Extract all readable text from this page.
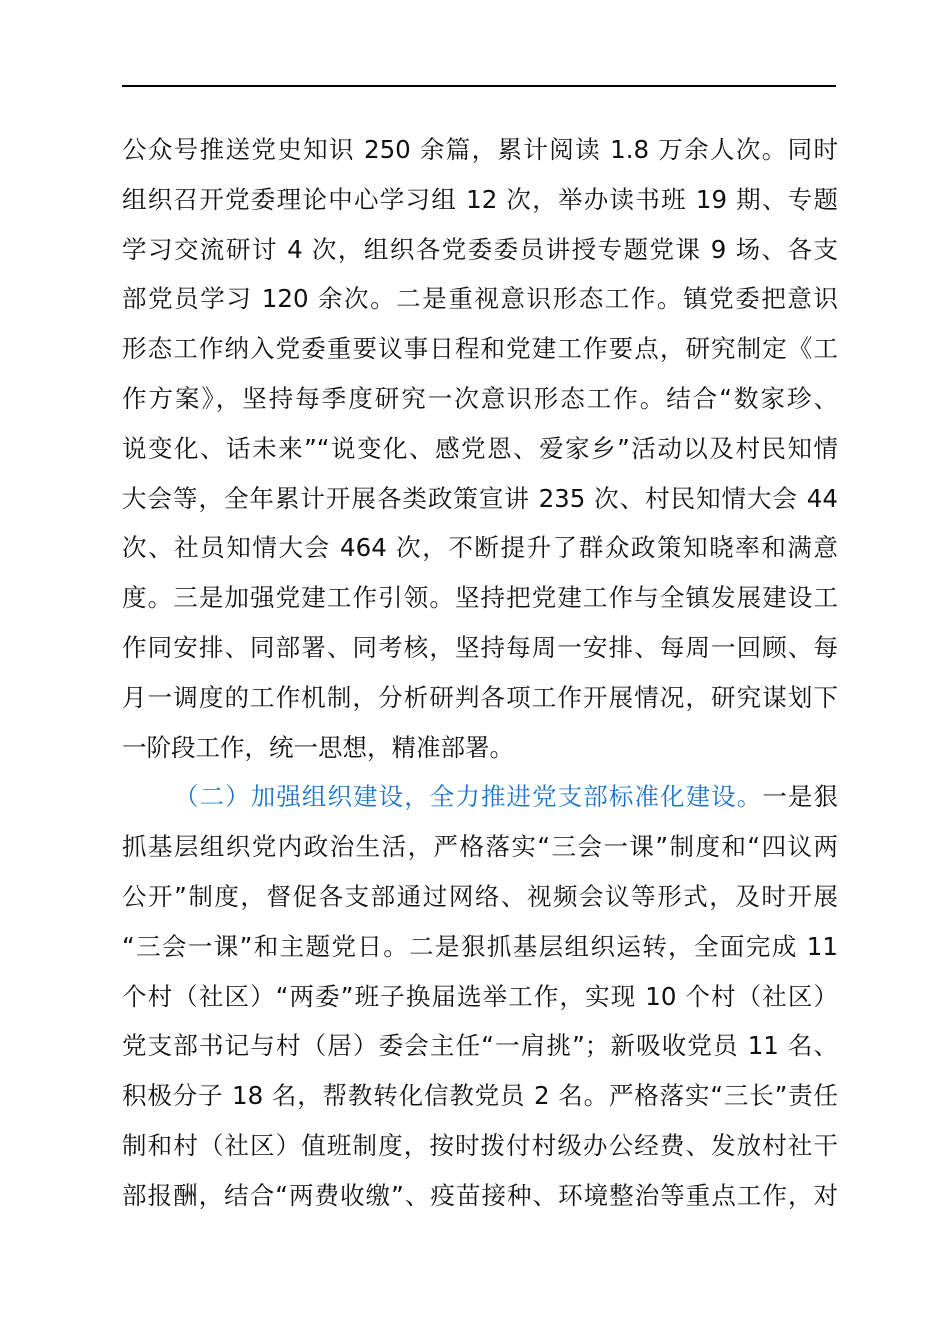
公众号推送党史知识 250 余篇，累计阅读 1.8 万余人次。同时
组织召开党委理论中心学习组 12 次，举办读书班 19 期、专题
学习交流研讨 4 次，组织各党委委员讲授专题党课 9 场、各支
部党员学习 120 余次。二是重视意识形态工作。镇党委把意识
形态工作纳入党委重要议事日程和党建工作要点，研究制定《工
作方案》，坚持每季度研究一次意识形态工作。结合“数家珍、
说变化、话未来”“说变化、感党恩、爱家乡”活动以及村民知情
大会等，全年累计开展各类政策宣讲 235 次、村民知情大会 44
次、社员知情大会 464 次，不断提升了群众政策知晓率和满意
度。三是加强党建工作引领。坚持把党建工作与全镇发展建设工
作同安排、同部署、同考核，坚持每周一安排、每周一回顾、每
月一调度的工作机制，分析研判各项工作开展情况，研究谋划下
一阶段工作，统一思想，精准部署。
（二）加强组织建设，全力推进党支部标准化建设。一是狠
抓基层组织党内政治生活，严格落实“三会一课”制度和“四议两
公开”制度，督促各支部通过网络、视频会议等形式，及时开展
“三会一课”和主题党日。二是狠抓基层组织运转，全面完成 11
个村（社区）“两委”班子换届选举工作，实现 10 个村（社区）
党支部书记与村（居）委会主任“一肩挑”；新吸收党员 11 名、
积极分子 18 名，帮教转化信教党员 2 名。严格落实“三长”责任
制和村（社区）值班制度，按时拨付村级办公经费、发放村社干
部报酬，结合“两费收缴”、疫苗接种、环境整治等重点工作，对
